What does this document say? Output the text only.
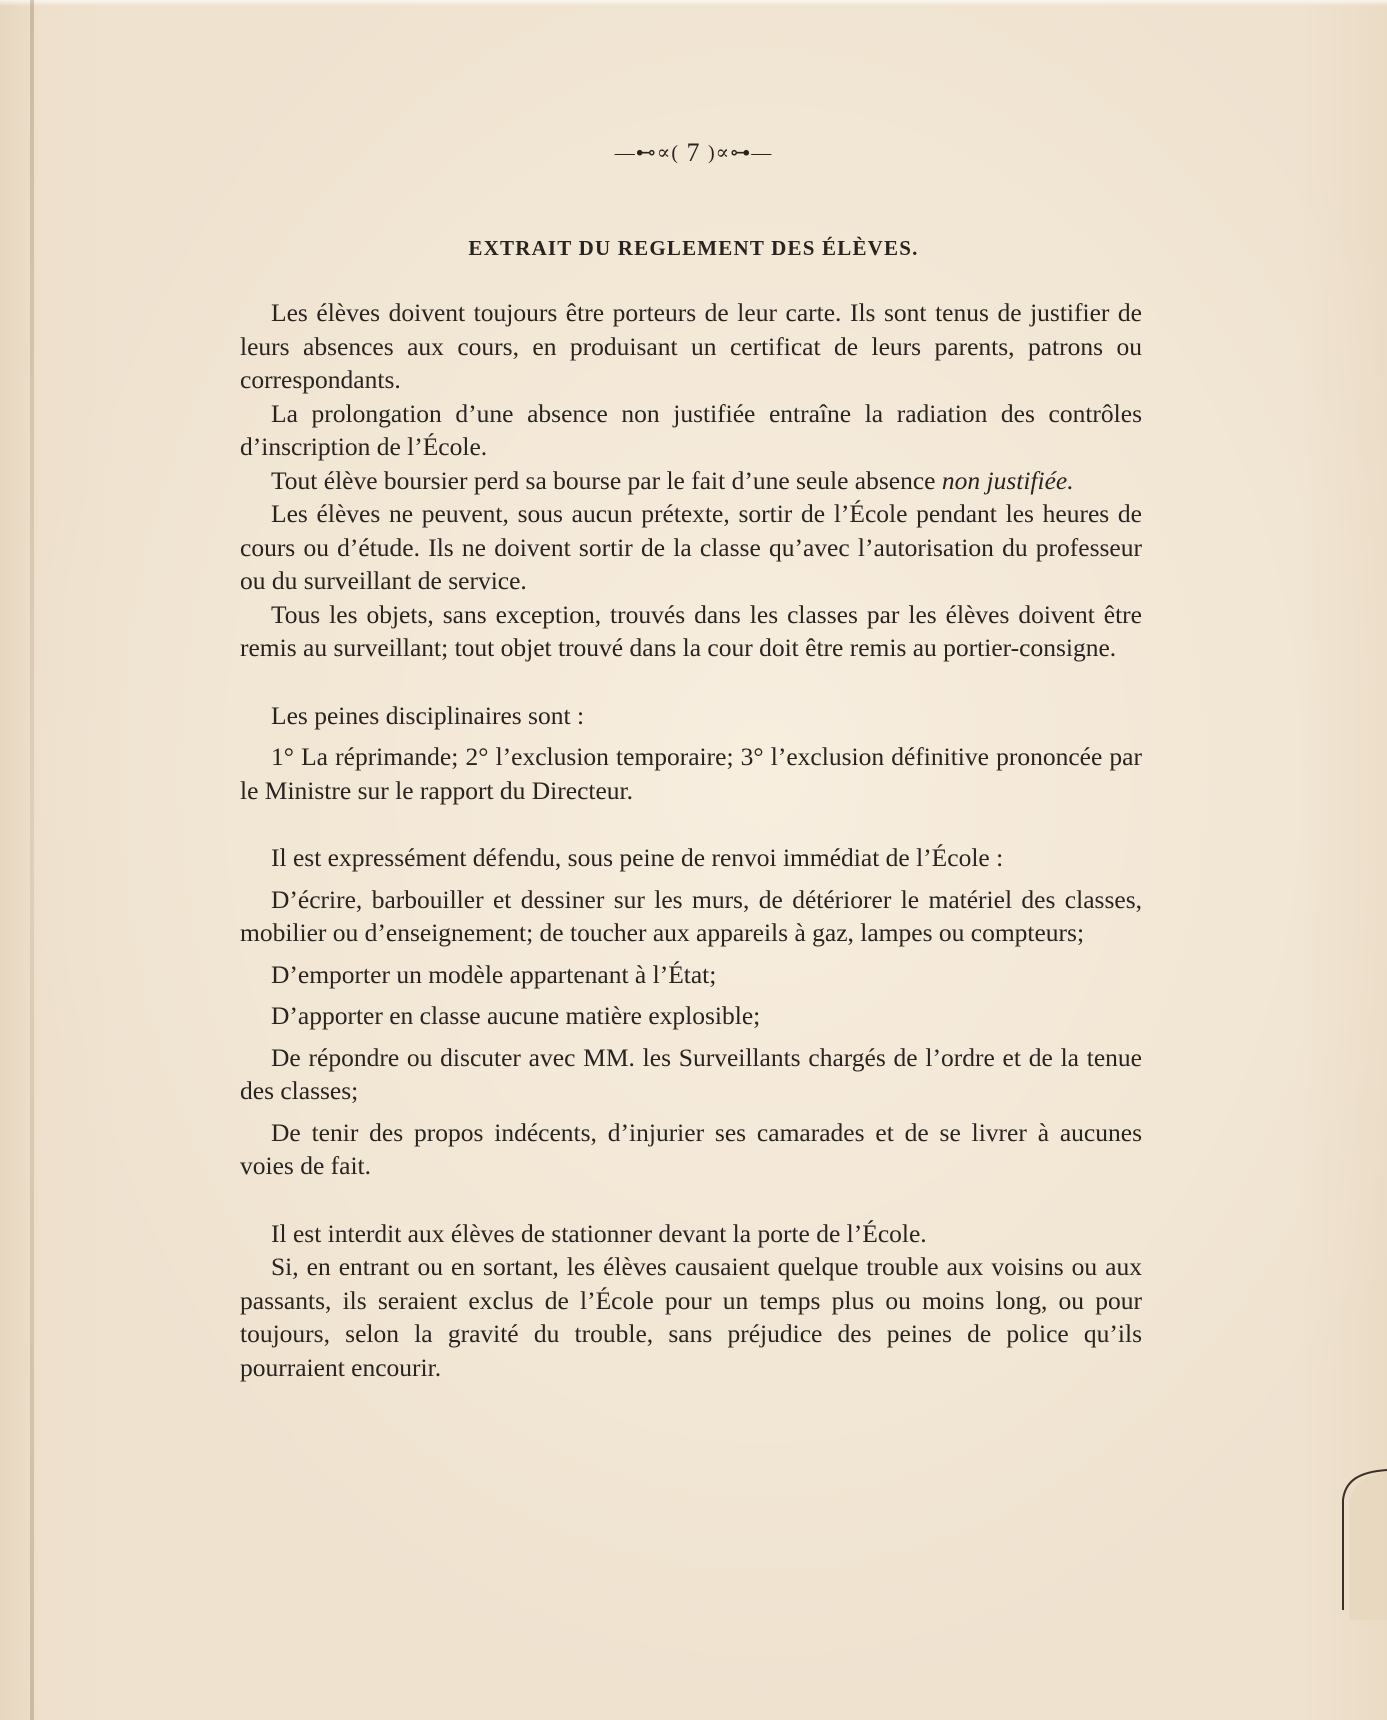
—⊷∝( 7 )∝⊶—
EXTRAIT DU REGLEMENT DES ÉLÈVES.

Les élèves doivent toujours être porteurs de leur carte. Ils sont tenus de justifier de leurs absences aux cours, en produisant un certificat de leurs parents, patrons ou correspondants.

La prolongation d’une absence non justifiée entraîne la radiation des contrôles d’inscription de l’École.

Tout élève boursier perd sa bourse par le fait d’une seule absence non justifiée.

Les élèves ne peuvent, sous aucun prétexte, sortir de l’École pendant les heures de cours ou d’étude. Ils ne doivent sortir de la classe qu’avec l’autorisation du professeur ou du surveillant de service.

Tous les objets, sans exception, trouvés dans les classes par les élèves doivent être remis au surveillant; tout objet trouvé dans la cour doit être remis au portier-consigne.

Les peines disciplinaires sont :

1° La réprimande; 2° l’exclusion temporaire; 3° l’exclusion définitive prononcée par le Ministre sur le rapport du Directeur.

Il est expressément défendu, sous peine de renvoi immédiat de l’École :

D’écrire, barbouiller et dessiner sur les murs, de détériorer le matériel des classes, mobilier ou d’enseignement; de toucher aux appareils à gaz, lampes ou compteurs;

D’emporter un modèle appartenant à l’État;

D’apporter en classe aucune matière explosible;

De répondre ou discuter avec MM. les Surveillants chargés de l’ordre et de la tenue des classes;

De tenir des propos indécents, d’injurier ses camarades et de se livrer à aucunes voies de fait.

Il est interdit aux élèves de stationner devant la porte de l’École.

Si, en entrant ou en sortant, les élèves causaient quelque trouble aux voisins ou aux passants, ils seraient exclus de l’École pour un temps plus ou moins long, ou pour toujours, selon la gravité du trouble, sans préjudice des peines de police qu’ils pourraient encourir.
